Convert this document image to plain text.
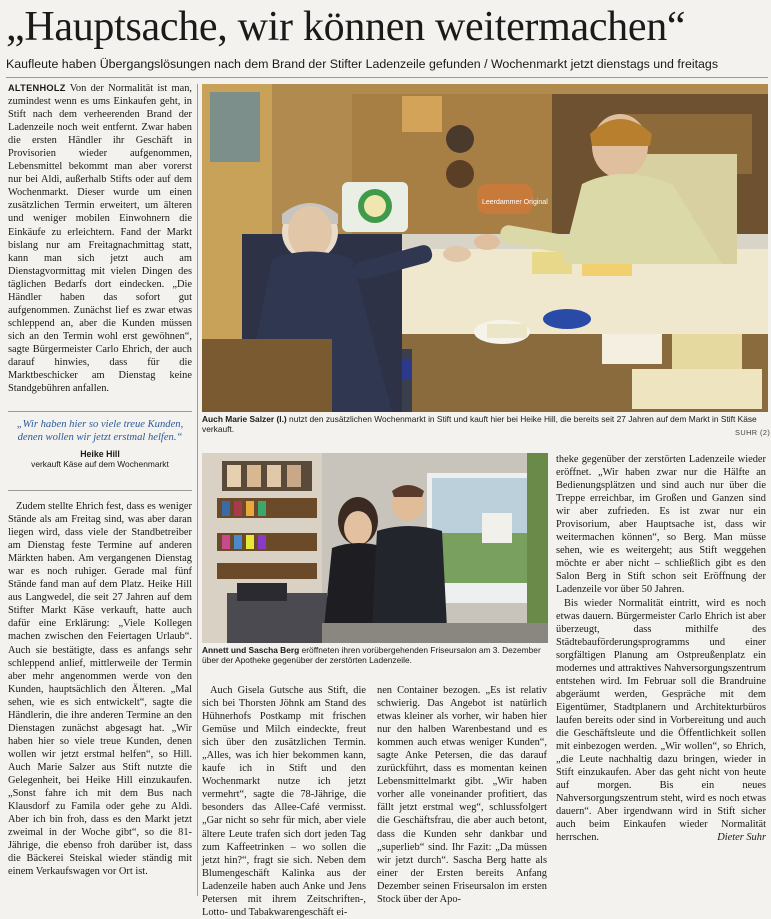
„Hauptsache, wir können weitermachen“
Kaufleute haben Übergangslösungen nach dem Brand der Stifter Ladenzeile gefunden / Wochenmarkt jetzt dienstags und freitags

ALTENHOLZ Von der Normalität ist man, zumindest wenn es ums Einkaufen geht, in Stift nach dem verheerenden Brand der Ladenzeile noch weit entfernt. Zwar haben die ersten Händler ihr Geschäft in Provisorien wieder aufgenommen, Lebensmittel bekommt man aber vorerst nur bei Aldi, außerhalb Stifts oder auf dem Wochenmarkt. Dieser wurde um einen zusätzlichen Termin erweitert, um älteren und weniger mobilen Einwohnern die Einkäufe zu erleichtern. Fand der Markt bislang nur am Freitagnachmittag statt, kann man sich jetzt auch am Dienstagvormittag mit vielen Dingen des täglichen Bedarfs dort eindecken. „Die Händler haben das sofort gut aufgenommen. Zunächst lief es zwar etwas schleppend an, aber die Kunden müssen sich an den Termin wohl erst gewöhnen“, sagte Bürgermeister Carlo Ehrich, der auch darauf hinwies, dass für die Marktbeschicker am Dienstag keine Standgebühren anfallen.

„Wir haben hier so viele treue Kunden, denen wollen wir jetzt erstmal helfen.“
Heike Hill
verkauft Käse auf dem Wochenmarkt

Zudem stellte Ehrich fest, dass es weniger Stände als am Freitag sind, was aber daran liegen wird, dass viele der Standbetreiber am Dienstag feste Termine auf anderen Märkten haben. Am vergangenen Dienstag war es noch ruhiger. Gerade mal fünf Stände fand man auf dem Platz. Heike Hill aus Langwedel, die seit 27 Jahren auf dem Stifter Markt Käse verkauft, hatte auch dafür eine Erklärung: „Viele Kollegen machen zwischen den Feiertagen Urlaub“. Auch sie bestätigte, dass es anfangs sehr schleppend anlief, mittlerweile der Termin aber mehr angenommen werde von den Kunden, hauptsächlich den Älteren. „Mal sehen, wie es sich entwickelt“, sagte die Händlerin, die ihre anderen Termine an den Dienstagen zunächst abgesagt hat. „Wir haben hier so viele treue Kunden, denen wollen wir jetzt erstmal helfen“, so Hill. Auch Marie Salzer aus Stift nutzte die Gelegenheit, bei Heike Hill einzukaufen. „Sonst fahre ich mit dem Bus nach Klausdorf zu Famila oder gehe zu Aldi. Aber ich bin froh, dass es den Markt jetzt zweimal in der Woche gibt“, so die 81-Jährige, die ebenso froh darüber ist, dass die Bäckerei Steiskal wieder ständig mit einem Verkaufswagen vor Ort ist.

Leerdammer Original
Auch Marie Salzer (l.) nutzt den zusätzlichen Wochenmarkt in Stift und kauft hier bei Heike Hill, die bereits seit 27 Jahren auf dem Markt in Stift Käse verkauft.	SUHR (2)
Annett und Sascha Berg eröffneten ihren vorübergehenden Friseursalon am 3. Dezember über der Apotheke gegenüber der zerstörten Ladenzeile.

Auch Gisela Gutsche aus Stift, die sich bei Thorsten Jöhnk am Stand des Hühnerhofs Postkamp mit frischen Gemüse und Milch eindeckte, freut sich über den zusätzlichen Termin. „Alles, was ich hier bekommen kann, kaufe ich in Stift und den Wochenmarkt nutze ich jetzt vermehrt“, sagte die 78-Jährige, die besonders das Allee-Café vermisst. „Gar nicht so sehr für mich, aber viele ältere Leute trafen sich dort jeden Tag zum Kaffeetrinken – wo sollen die jetzt hin?“, fragt sie sich. Neben dem Blumengeschäft Kalinka aus der Ladenzeile haben auch Anke und Jens Petersen mit ihrem Zeitschriften-, Lotto- und Tabakwarengeschäft ei-

nen Container bezogen. „Es ist relativ schwierig. Das Angebot ist natürlich etwas kleiner als vorher, wir haben hier nur den halben Warenbestand und es kommen auch etwas weniger Kunden“, sagte Anke Petersen, die das darauf zurückführt, dass es momentan keinen Lebensmittelmarkt gibt. „Wir haben vorher alle voneinander profitiert, das fällt jetzt erstmal weg“, schlussfolgert die Geschäftsfrau, die aber auch betont, dass die Kunden sehr dankbar und „superlieb“ sind. Ihr Fazit: „Da müssen wir jetzt durch“. Sascha Berg hatte als einer der Ersten bereits Anfang Dezember seinen Friseursalon im ersten Stock über der Apo-

theke gegenüber der zerstörten Ladenzeile wieder eröffnet. „Wir haben zwar nur die Hälfte an Bedienungsplätzen und sind auch nur über die Treppe erreichbar, im Großen und Ganzen sind wir aber zufrieden. Es ist zwar nur ein Provisorium, aber Hauptsache ist, dass wir weitermachen können“, so Berg. Man müsse sehen, wie es weitergeht; aus Stift weggehen möchte er aber nicht – schließlich gibt es den Salon Berg in Stift schon seit Eröffnung der Ladenzeile vor über 50 Jahren.

Bis wieder Normalität eintritt, wird es noch etwas dauern. Bürgermeister Carlo Ehrich ist aber überzeugt, dass mithilfe des Städtebauförderungsprogramms und einer sorgfältigen Planung am Ostpreußenplatz ein modernes und attraktives Nahversorgungszentrum entstehen wird. Im Februar soll die Brandruine abgeräumt werden, Gespräche mit dem Eigentümer, Stadtplanern und Architekturbüros laufen bereits oder sind in Vorbereitung und auch die Geschäftsleute und die Öffentlichkeit sollen mit einbezogen werden. „Wir wollen“, so Ehrich, „die Leute nachhaltig dazu bringen, wieder in Stift einzukaufen. Aber das geht nicht von heute auf morgen. Bis ein neues Nahversorgungszentrum steht, wird es noch etwas dauern“. Aber irgendwann wird in Stift sicher auch beim Einkaufen wieder Normalität herrschen.	Dieter Suhr
